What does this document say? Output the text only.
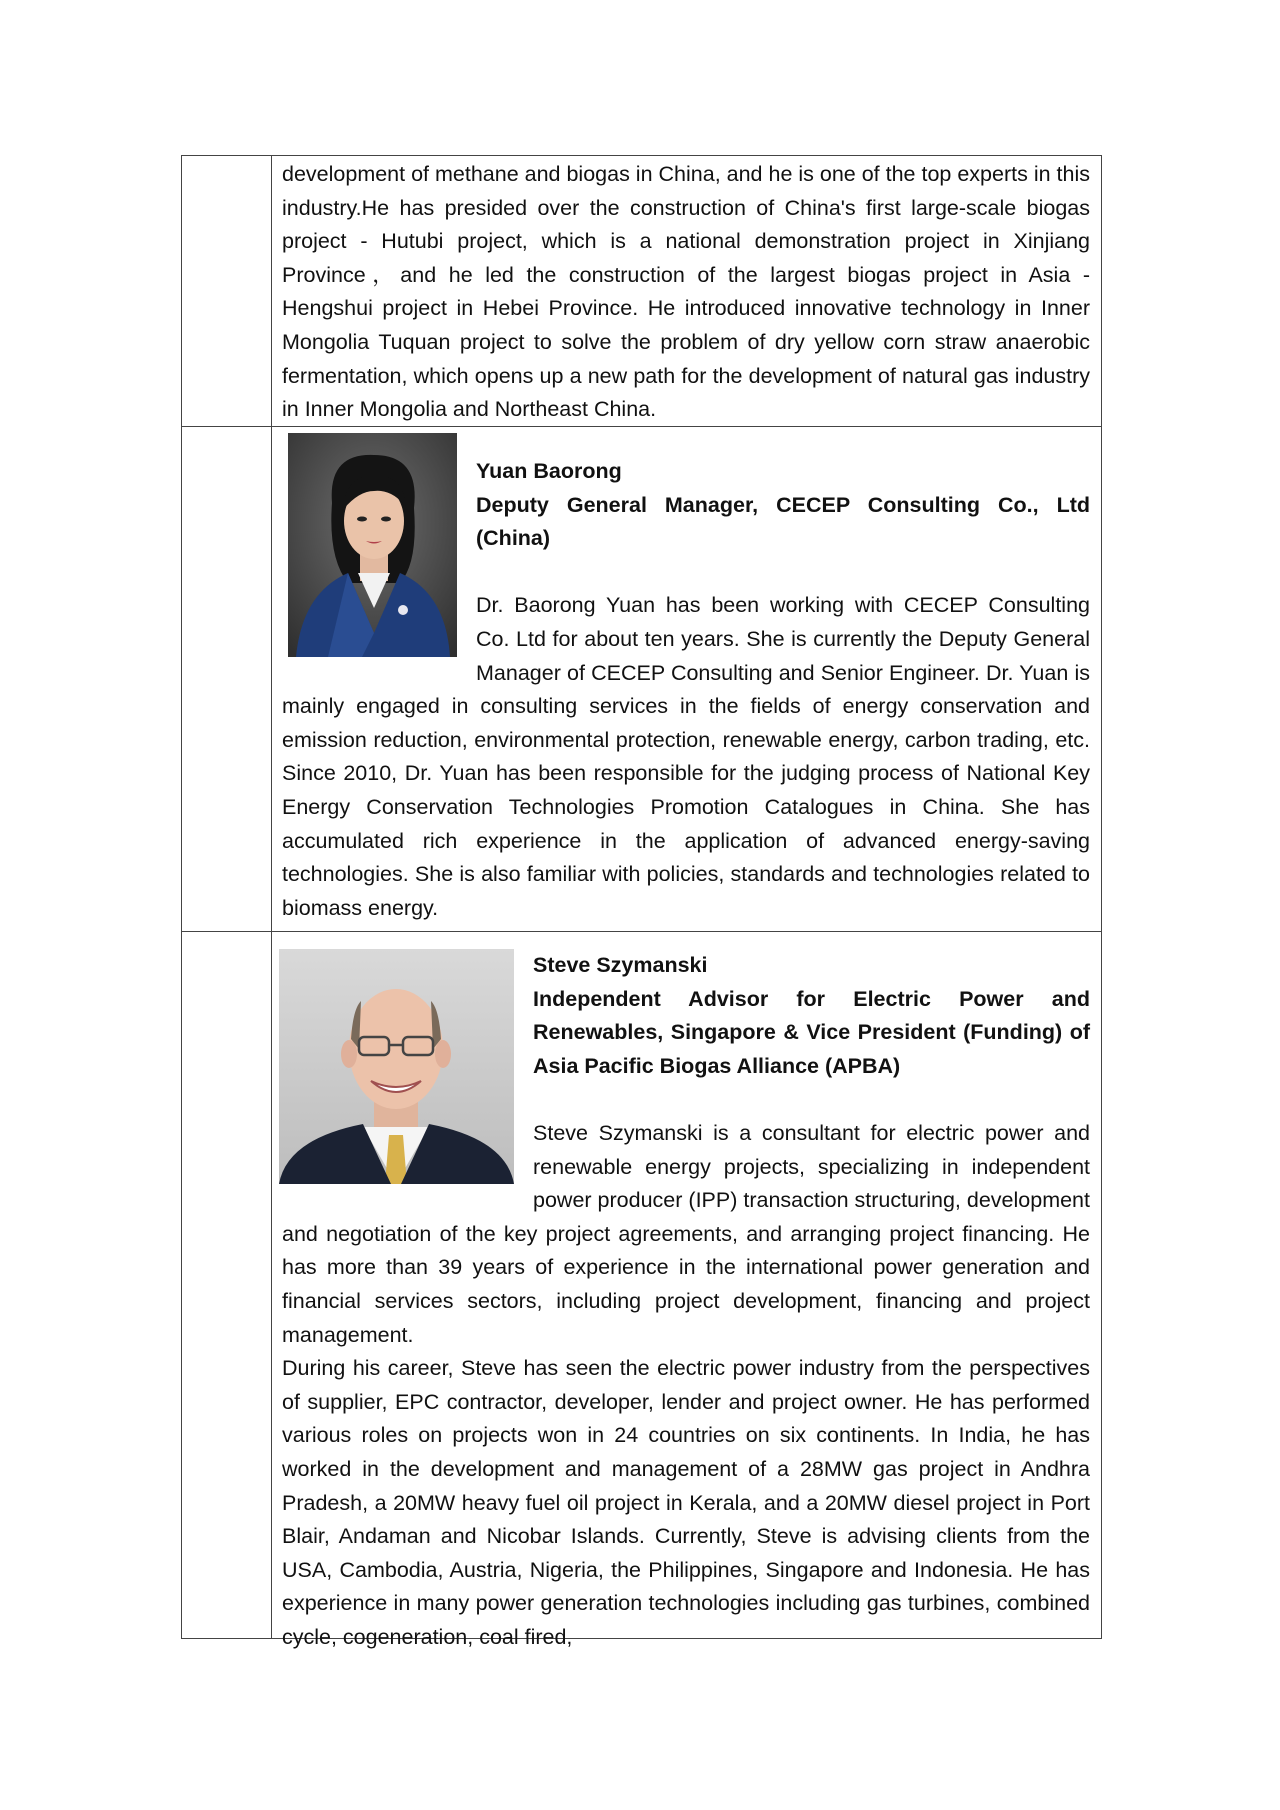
development of methane and biogas in China, and he is one of the top experts in this industry.He has presided over the construction of China's first large-scale biogas project - Hutubi project, which is a national demonstration project in Xinjiang Province，and he led the construction of the largest biogas project in Asia - Hengshui project in Hebei Province. He introduced innovative technology in Inner Mongolia Tuquan project to solve the problem of dry yellow corn straw anaerobic fermentation, which opens up a new path for the development of natural gas industry in Inner Mongolia and Northeast China.
Yuan Baorong
Deputy General Manager, CECEP Consulting Co., Ltd (China)
Dr. Baorong Yuan has been working with CECEP Consulting Co. Ltd for about ten years. She is currently the Deputy General Manager of CECEP Consulting and Senior Engineer. Dr. Yuan is mainly engaged in consulting services in the fields of energy conservation and emission reduction, environmental protection, renewable energy, carbon trading, etc. Since 2010, Dr. Yuan has been responsible for the judging process of National Key Energy Conservation Technologies Promotion Catalogues in China. She has accumulated rich experience in the application of advanced energy-saving technologies. She is also familiar with policies, standards and technologies related to biomass energy.
Steve Szymanski
Independent Advisor for Electric Power and Renewables, Singapore & Vice President (Funding) of Asia Pacific Biogas Alliance (APBA)
Steve Szymanski is a consultant for electric power and renewable energy projects, specializing in independent power producer (IPP) transaction structuring, development and negotiation of the key project agreements, and arranging project financing. He has more than 39 years of experience in the international power generation and financial services sectors, including project development, financing and project management.
During his career, Steve has seen the electric power industry from the perspectives of supplier, EPC contractor, developer, lender and project owner. He has performed various roles on projects won in 24 countries on six continents. In India, he has worked in the development and management of a 28MW gas project in Andhra Pradesh, a 20MW heavy fuel oil project in Kerala, and a 20MW diesel project in Port Blair, Andaman and Nicobar Islands. Currently, Steve is advising clients from the USA, Cambodia, Austria, Nigeria, the Philippines, Singapore and Indonesia. He has experience in many power generation technologies including gas turbines, combined cycle, cogeneration, coal fired,
